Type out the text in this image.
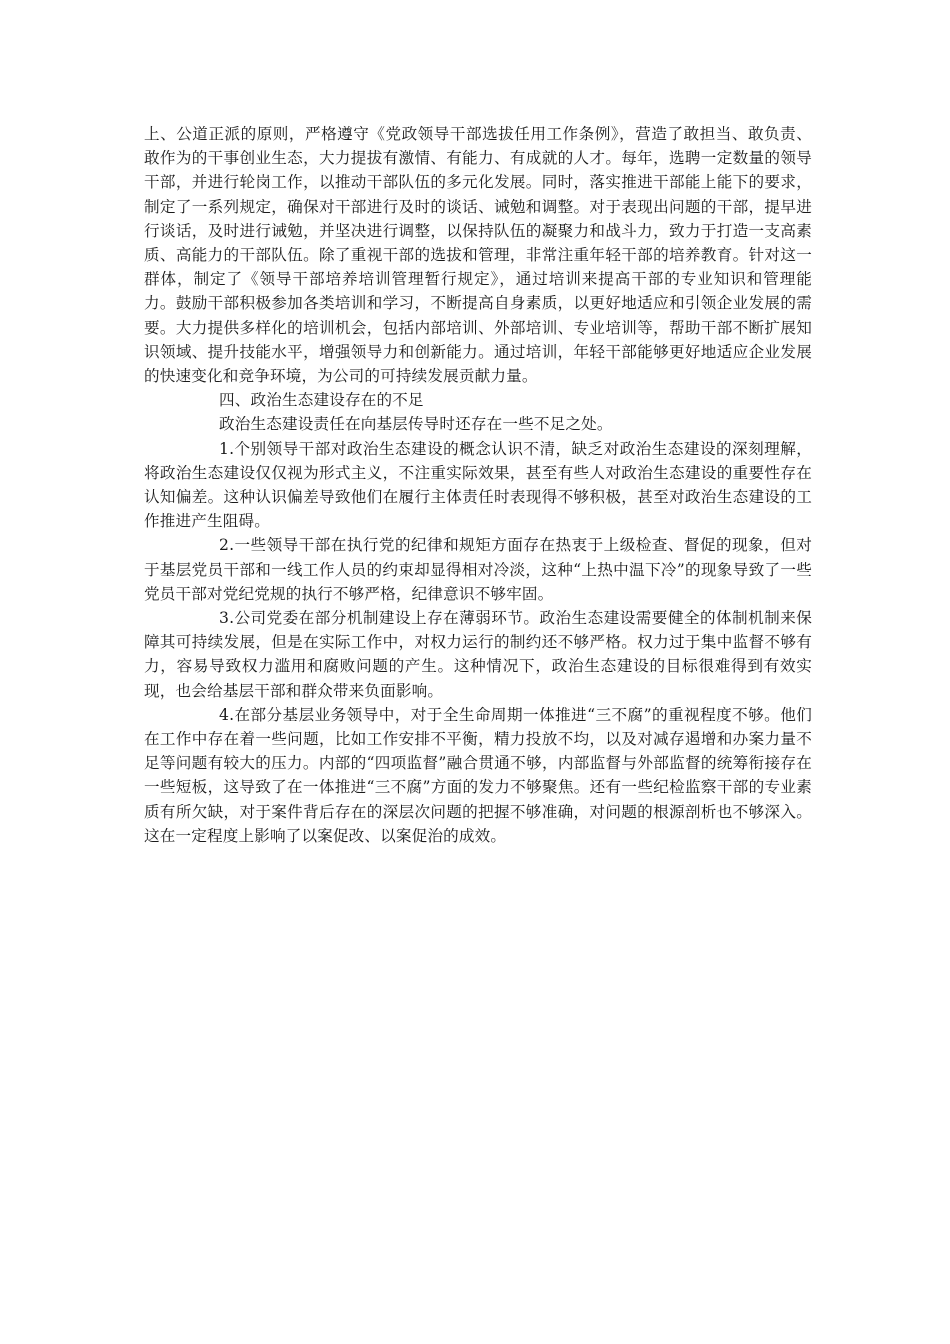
上、公道正派的原则，严格遵守《党政领导干部选拔任用工作条例》，营造了敢担当、敢负责、敢作为的干事创业生态，大力提拔有激情、有能力、有成就的人才。每年，选聘一定数量的领导干部，并进行轮岗工作，以推动干部队伍的多元化发展。同时，落实推进干部能上能下的要求，制定了一系列规定，确保对干部进行及时的谈话、诫勉和调整。对于表现出问题的干部，提早进行谈话，及时进行诫勉，并坚决进行调整，以保持队伍的凝聚力和战斗力，致力于打造一支高素质、高能力的干部队伍。除了重视干部的选拔和管理，非常注重年轻干部的培养教育。针对这一群体，制定了《领导干部培养培训管理暂行规定》，通过培训来提高干部的专业知识和管理能力。鼓励干部积极参加各类培训和学习，不断提高自身素质，以更好地适应和引领企业发展的需要。大力提供多样化的培训机会，包括内部培训、外部培训、专业培训等，帮助干部不断扩展知识领域、提升技能水平，增强领导力和创新能力。通过培训，年轻干部能够更好地适应企业发展的快速变化和竞争环境，为公司的可持续发展贡献力量。

四、政治生态建设存在的不足

政治生态建设责任在向基层传导时还存在一些不足之处。

1.个别领导干部对政治生态建设的概念认识不清，缺乏对政治生态建设的深刻理解，将政治生态建设仅仅视为形式主义，不注重实际效果，甚至有些人对政治生态建设的重要性存在认知偏差。这种认识偏差导致他们在履行主体责任时表现得不够积极，甚至对政治生态建设的工作推进产生阻碍。

2.一些领导干部在执行党的纪律和规矩方面存在热衷于上级检查、督促的现象，但对于基层党员干部和一线工作人员的约束却显得相对冷淡，这种“上热中温下冷”的现象导致了一些党员干部对党纪党规的执行不够严格，纪律意识不够牢固。

3.公司党委在部分机制建设上存在薄弱环节。政治生态建设需要健全的体制机制来保障其可持续发展，但是在实际工作中，对权力运行的制约还不够严格。权力过于集中监督不够有力，容易导致权力滥用和腐败问题的产生。这种情况下，政治生态建设的目标很难得到有效实现，也会给基层干部和群众带来负面影响。

4.在部分基层业务领导中，对于全生命周期一体推进“三不腐”的重视程度不够。他们在工作中存在着一些问题，比如工作安排不平衡，精力投放不均，以及对减存遏增和办案力量不足等问题有较大的压力。内部的“四项监督”融合贯通不够，内部监督与外部监督的统筹衔接存在一些短板，这导致了在一体推进“三不腐”方面的发力不够聚焦。还有一些纪检监察干部的专业素质有所欠缺，对于案件背后存在的深层次问题的把握不够准确，对问题的根源剖析也不够深入。这在一定程度上影响了以案促改、以案促治的成效。
